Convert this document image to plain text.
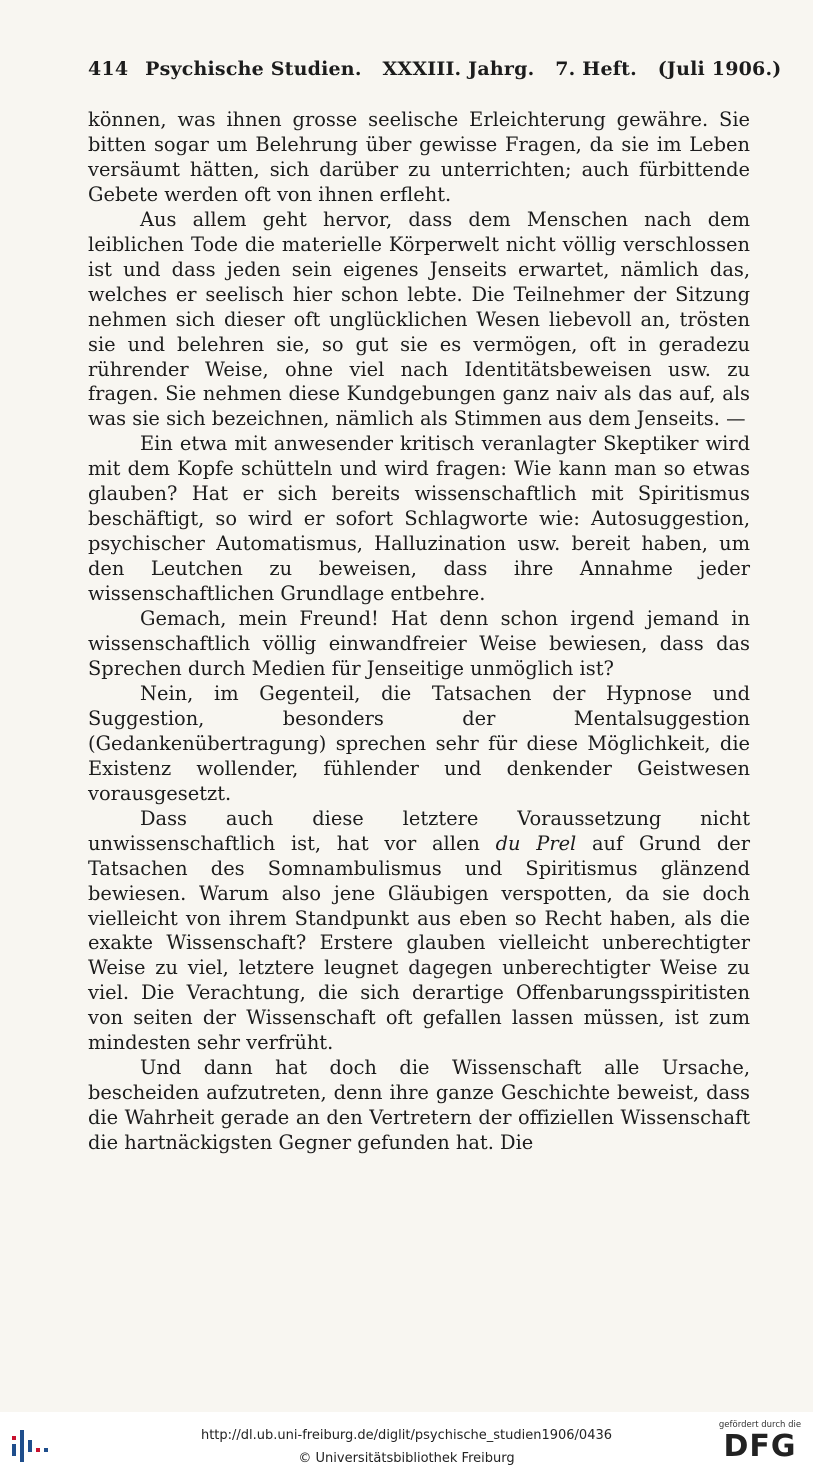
414 Psychische Studien. XXXIII. Jahrg. 7. Heft. (Juli 1906.)

können, was ihnen grosse seelische Erleichterung gewähre. Sie bitten sogar um Belehrung über gewisse Fragen, da sie im Leben versäumt hätten, sich darüber zu unterrichten; auch fürbittende Gebete werden oft von ihnen erfleht.

Aus allem geht hervor, dass dem Menschen nach dem leiblichen Tode die materielle Körperwelt nicht völlig verschlossen ist und dass jeden sein eigenes Jenseits erwartet, nämlich das, welches er seelisch hier schon lebte. Die Teilnehmer der Sitzung nehmen sich dieser oft unglücklichen Wesen liebevoll an, trösten sie und belehren sie, so gut sie es vermögen, oft in geradezu rührender Weise, ohne viel nach Identitätsbeweisen usw. zu fragen. Sie nehmen diese Kundgebungen ganz naiv als das auf, als was sie sich bezeichnen, nämlich als Stimmen aus dem Jenseits. —

Ein etwa mit anwesender kritisch veranlagter Skeptiker wird mit dem Kopfe schütteln und wird fragen: Wie kann man so etwas glauben? Hat er sich bereits wissenschaftlich mit Spiritismus beschäftigt, so wird er sofort Schlagworte wie: Autosuggestion, psychischer Automatismus, Halluzination usw. bereit haben, um den Leutchen zu beweisen, dass ihre Annahme jeder wissenschaftlichen Grundlage entbehre.

Gemach, mein Freund! Hat denn schon irgend jemand in wissenschaftlich völlig einwandfreier Weise bewiesen, dass das Sprechen durch Medien für Jenseitige unmöglich ist?

Nein, im Gegenteil, die Tatsachen der Hypnose und Suggestion, besonders der Mentalsuggestion (Gedankenübertragung) sprechen sehr für diese Möglichkeit, die Existenz wollender, fühlender und denkender Geistwesen vorausgesetzt.

Dass auch diese letztere Voraussetzung nicht unwissenschaftlich ist, hat vor allen du Prel auf Grund der Tatsachen des Somnambulismus und Spiritismus glänzend bewiesen. Warum also jene Gläubigen verspotten, da sie doch vielleicht von ihrem Standpunkt aus eben so Recht haben, als die exakte Wissenschaft? Erstere glauben vielleicht unberechtigter Weise zu viel, letztere leugnet dagegen unberechtigter Weise zu viel. Die Verachtung, die sich derartige Offenbarungsspiritisten von seiten der Wissenschaft oft gefallen lassen müssen, ist zum mindesten sehr verfrüht.

Und dann hat doch die Wissenschaft alle Ursache, bescheiden aufzutreten, denn ihre ganze Geschichte beweist, dass die Wahrheit gerade an den Vertretern der offiziellen Wissenschaft die hartnäckigsten Gegner gefunden hat. Die

http://dl.ub.uni-freiburg.de/diglit/psychische_studien1906/0436
© Universitätsbibliothek Freiburg
gefördert durch die
DFG
